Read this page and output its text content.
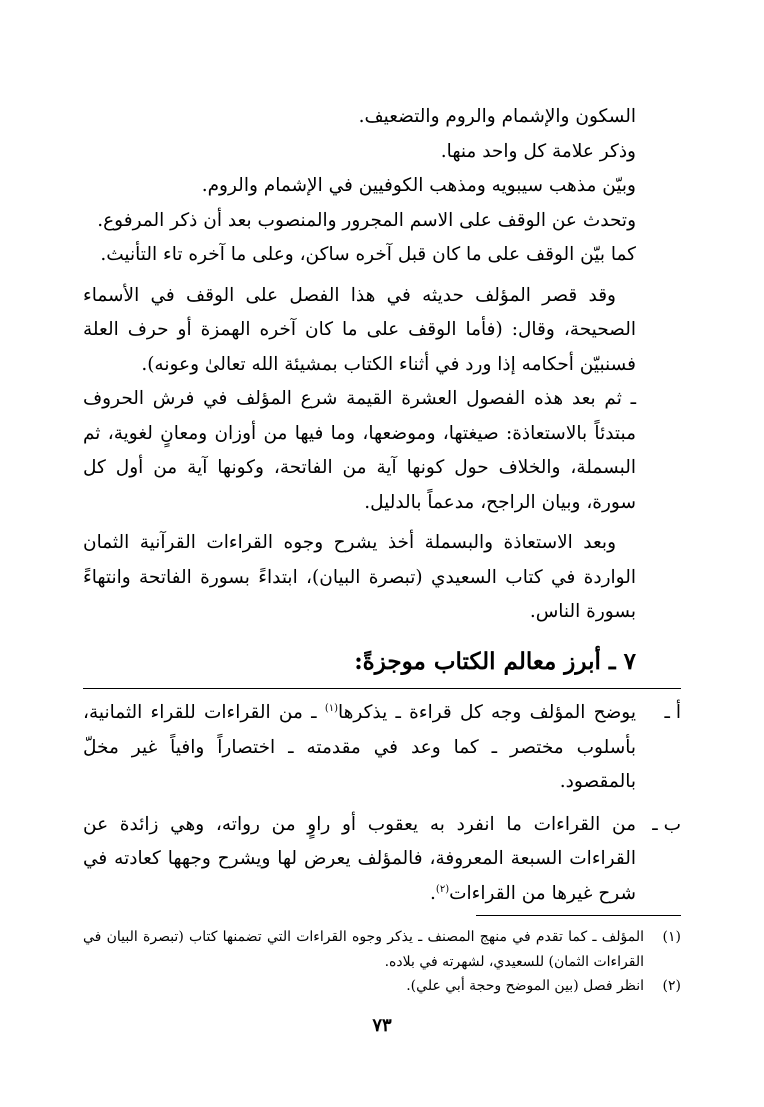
السكون والإشمام والروم والتضعيف.

وذكر علامة كل واحد منها.

وبيّن مذهب سيبويه ومذهب الكوفيين في الإشمام والروم.

وتحدث عن الوقف على الاسم المجرور والمنصوب بعد أن ذكر المرفوع.

كما بيّن الوقف على ما كان قبل آخره ساكن، وعلى ما آخره تاء التأنيث.

وقد قصر المؤلف حديثه في هذا الفصل على الوقف في الأسماء الصحيحة، وقال: (فأما الوقف على ما كان آخره الهمزة أو حرف العلة فسنبيّن أحكامه إذا ورد في أثناء الكتاب بمشيئة الله تعالىٰ وعونه).

ـ ثم بعد هذه الفصول العشرة القيمة شرع المؤلف في فرش الحروف مبتدئاً بالاستعاذة: صيغتها، وموضعها، وما فيها من أوزان ومعانٍ لغوية، ثم البسملة، والخلاف حول كونها آية من الفاتحة، وكونها آية من أول كل سورة، وبيان الراجح، مدعماً بالدليل.

وبعد الاستعاذة والبسملة أخذ يشرح وجوه القراءات القرآنية الثمان الواردة في كتاب السعيدي (تبصرة البيان)، ابتداءً بسورة الفاتحة وانتهاءً بسورة الناس.

٧ ـ أبرز معالم الكتاب موجزةً:
أ ـ
يوضح المؤلف وجه كل قراءة ـ يذكرها$^{(١)}$ ـ من القراءات للقراء الثمانية، بأسلوب مختصر ـ كما وعد في مقدمته ـ اختصاراً وافياً غير مخلّ بالمقصود.
ب ـ
من القراءات ما انفرد به يعقوب أو راوٍ من رواته، وهي زائدة عن القراءات السبعة المعروفة، فالمؤلف يعرض لها ويشرح وجهها كعادته في شرح غيرها من القراءات$^{(٢)}$.
(١)
المؤلف ـ كما تقدم في منهج المصنف ـ يذكر وجوه القراءات التي تضمنها كتاب (تبصرة البيان في القراءات الثمان) للسعيدي، لشهرته في بلاده.
(٢)
انظر فصل (بين الموضح وحجة أبي علي).
٧٣
